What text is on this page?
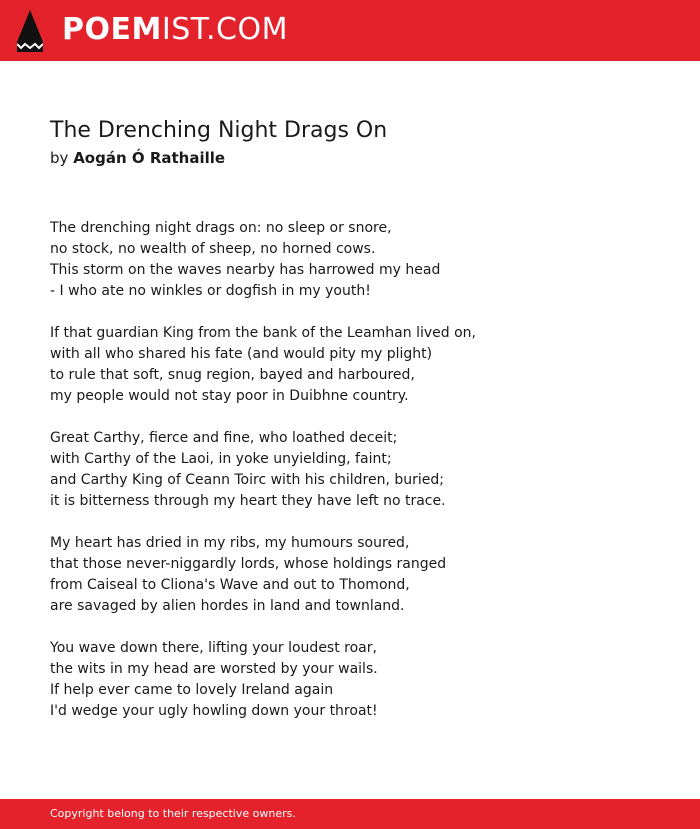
POEMIST.COM
The Drenching Night Drags On
by Aogán Ó Rathaille
The drenching night drags on: no sleep or snore,
no stock, no wealth of sheep, no horned cows.
This storm on the waves nearby has harrowed my head
- I who ate no winkles or dogfish in my youth!
If that guardian King from the bank of the Leamhan lived on,
with all who shared his fate (and would pity my plight)
to rule that soft, snug region, bayed and harboured,
my people would not stay poor in Duibhne country.
Great Carthy, fierce and fine, who loathed deceit;
with Carthy of the Laoi, in yoke unyielding, faint;
and Carthy King of Ceann Toirc with his children, buried;
it is bitterness through my heart they have left no trace.
My heart has dried in my ribs, my humours soured,
that those never-niggardly lords, whose holdings ranged
from Caiseal to Cliona's Wave and out to Thomond,
are savaged by alien hordes in land and townland.
You wave down there, lifting your loudest roar,
the wits in my head are worsted by your wails.
If help ever came to lovely Ireland again
I'd wedge your ugly howling down your throat!
Copyright belong to their respective owners.
